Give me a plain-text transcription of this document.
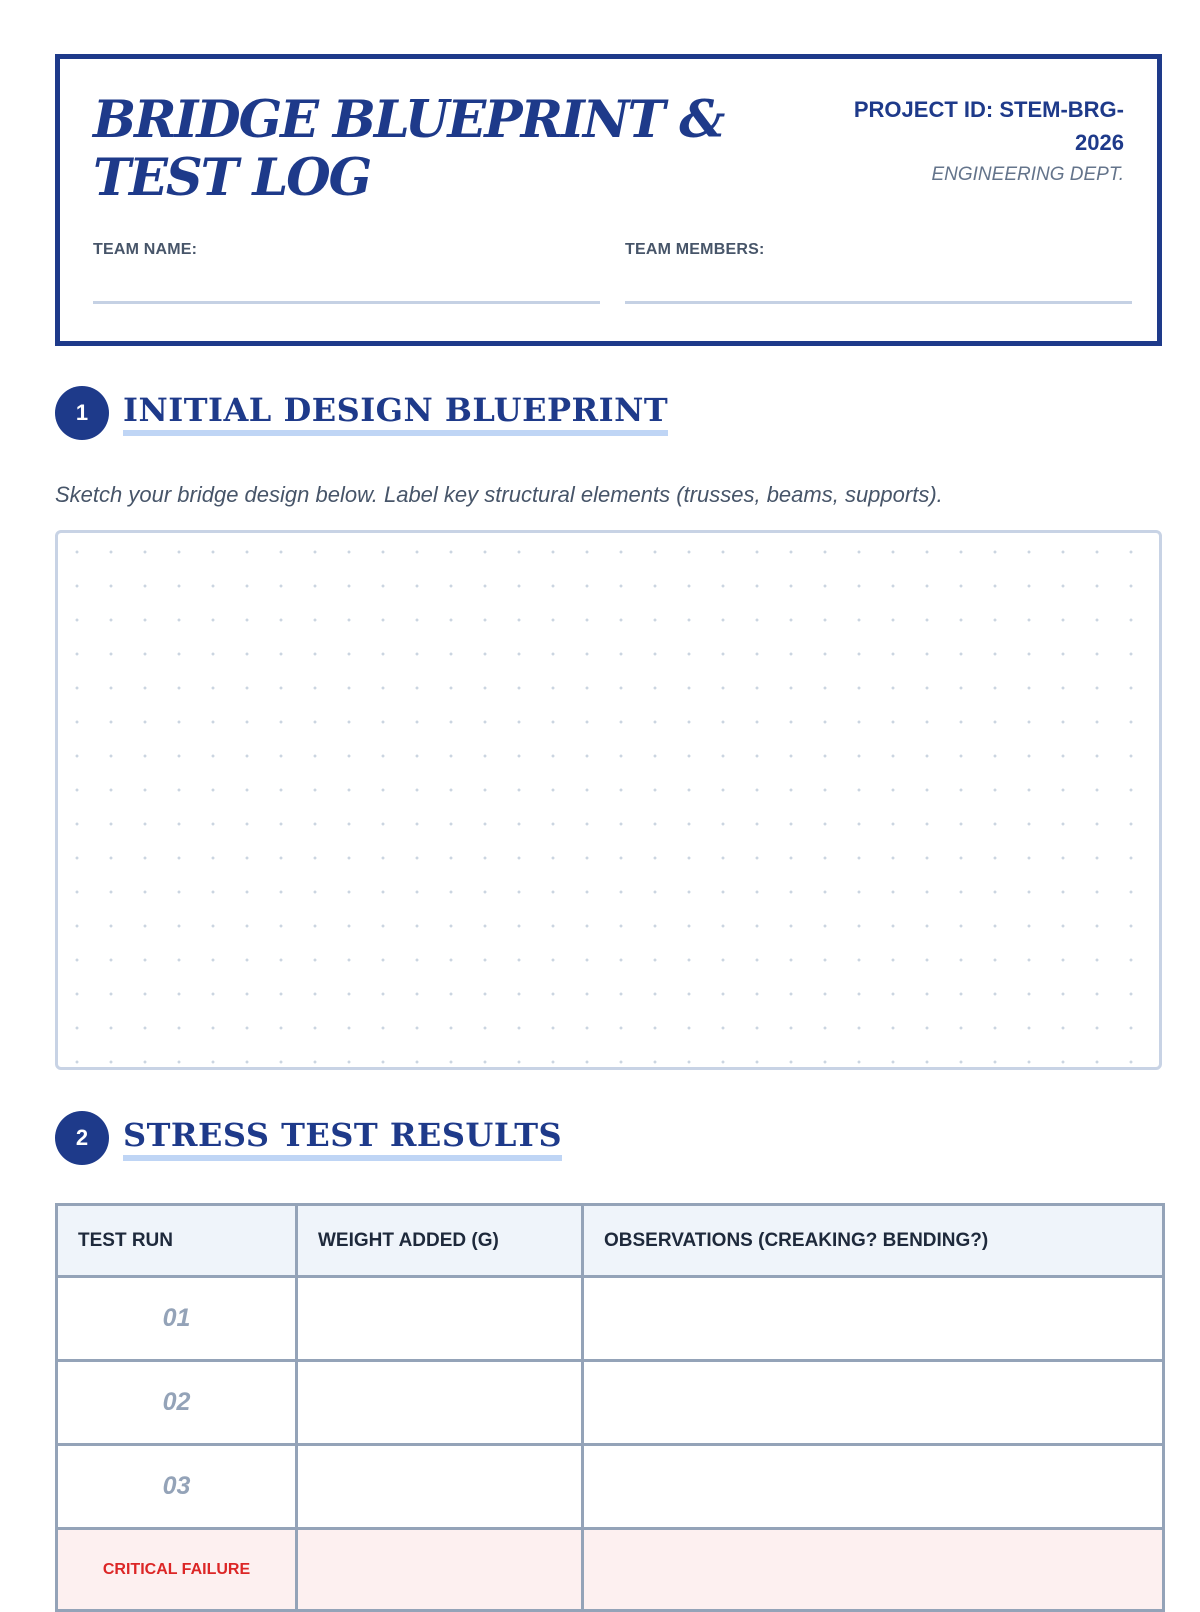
BRIDGE BLUEPRINT & TEST LOG
PROJECT ID: STEM-BRG-2026
ENGINEERING DEPT.
TEAM NAME:	TEAM MEMBERS:
1	INITIAL DESIGN BLUEPRINT
Sketch your bridge design below. Label key structural elements (trusses, beams, supports).
2	STRESS TEST RESULTS
TEST RUN	WEIGHT ADDED (G)	OBSERVATIONS (CREAKING? BENDING?)
01		
02		
03		
CRITICAL FAILURE		
